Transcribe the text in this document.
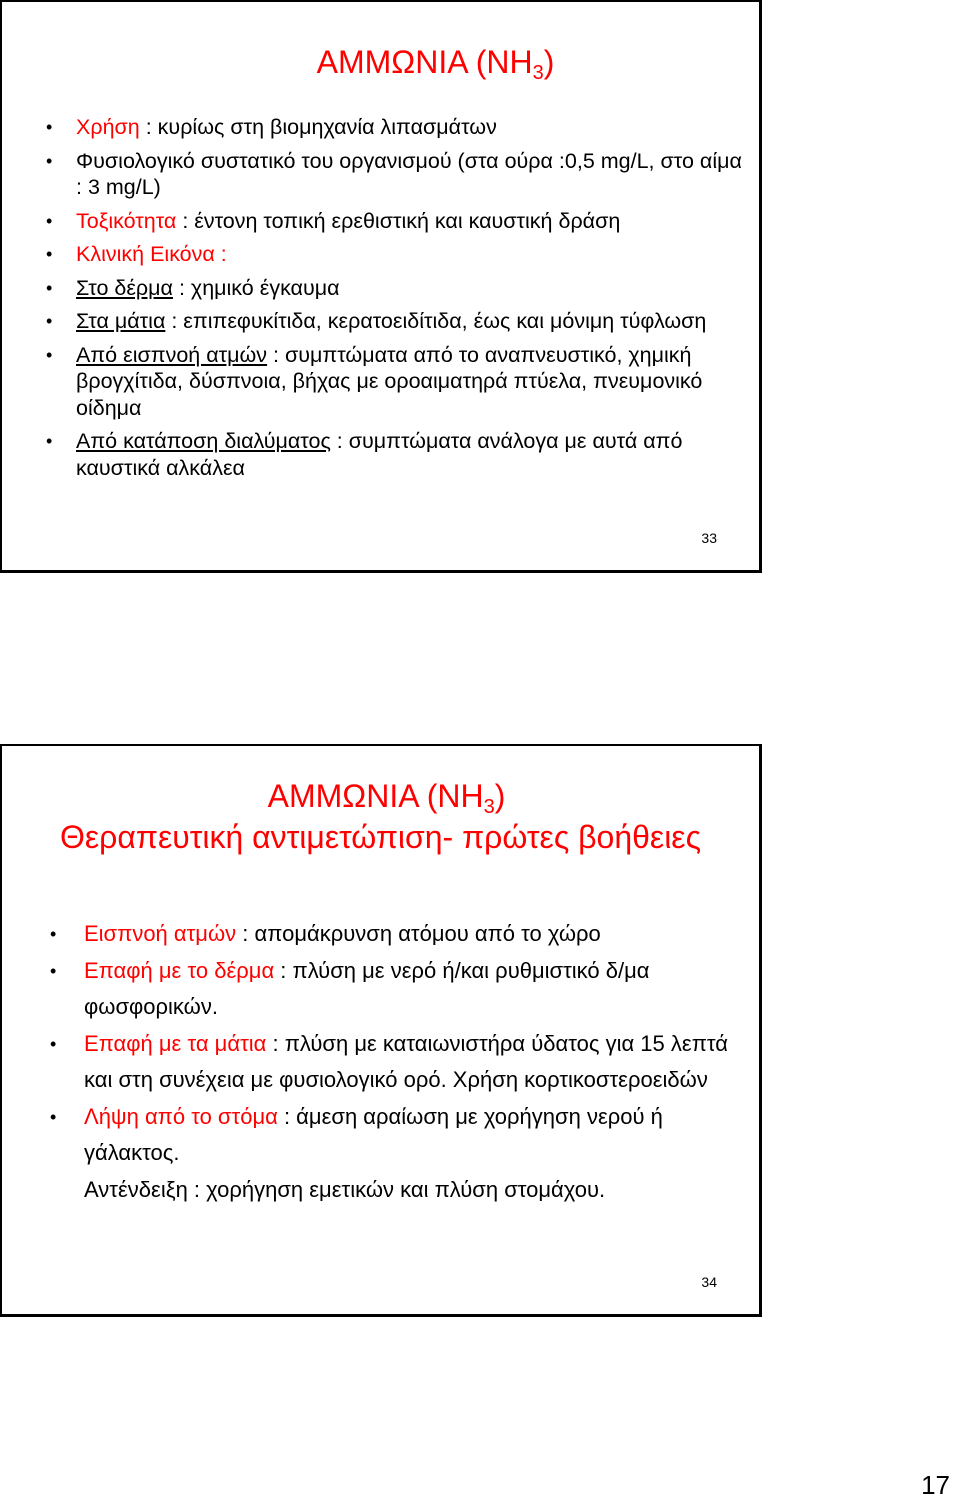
ΑΜΜΩΝΙΑ $(NH_3)$
• Χρήση : κυρίως στη βιομηχανία λιπασμάτων
• Φυσιολογικό συστατικό του οργανισμού (στα ούρα :0,5 mg/L, στο αίμα : 3 mg/L)
• Τοξικότητα : έντονη τοπική ερεθιστική και καυστική δράση
• Κλινική Εικόνα :
• Στο δέρμα : χημικό έγκαυμα
• Στα μάτια : επιπεφυκίτιδα, κερατοειδίτιδα, έως και μόνιμη τύφλωση
• Από εισπνοή ατμών : συμπτώματα από το αναπνευστικό, χημική βρογχίτιδα, δύσπνοια, βήχας με οροαιματηρά πτύελα, πνευμονικό οίδημα
• Από κατάποση διαλύματος : συμπτώματα ανάλογα με αυτά από καυστικά αλκάλεα
33
ΑΜΜΩΝΙΑ $(NH_3)$
Θεραπευτική αντιμετώπιση- πρώτες βοήθειες
• Εισπνοή ατμών : απομάκρυνση ατόμου από το χώρο
• Επαφή με το δέρμα : πλύση με νερό ή/και ρυθμιστικό δ/μα φωσφορικών.
• Επαφή με τα μάτια : πλύση με καταιωνιστήρα ύδατος για 15 λεπτά και στη συνέχεια με φυσιολογικό ορό. Χρήση κορτικοστεροειδών
• Λήψη από το στόμα : άμεση αραίωση με χορήγηση νερού ή γάλακτος.
Αντένδειξη : χορήγηση εμετικών και πλύση στομάχου.
34
17
